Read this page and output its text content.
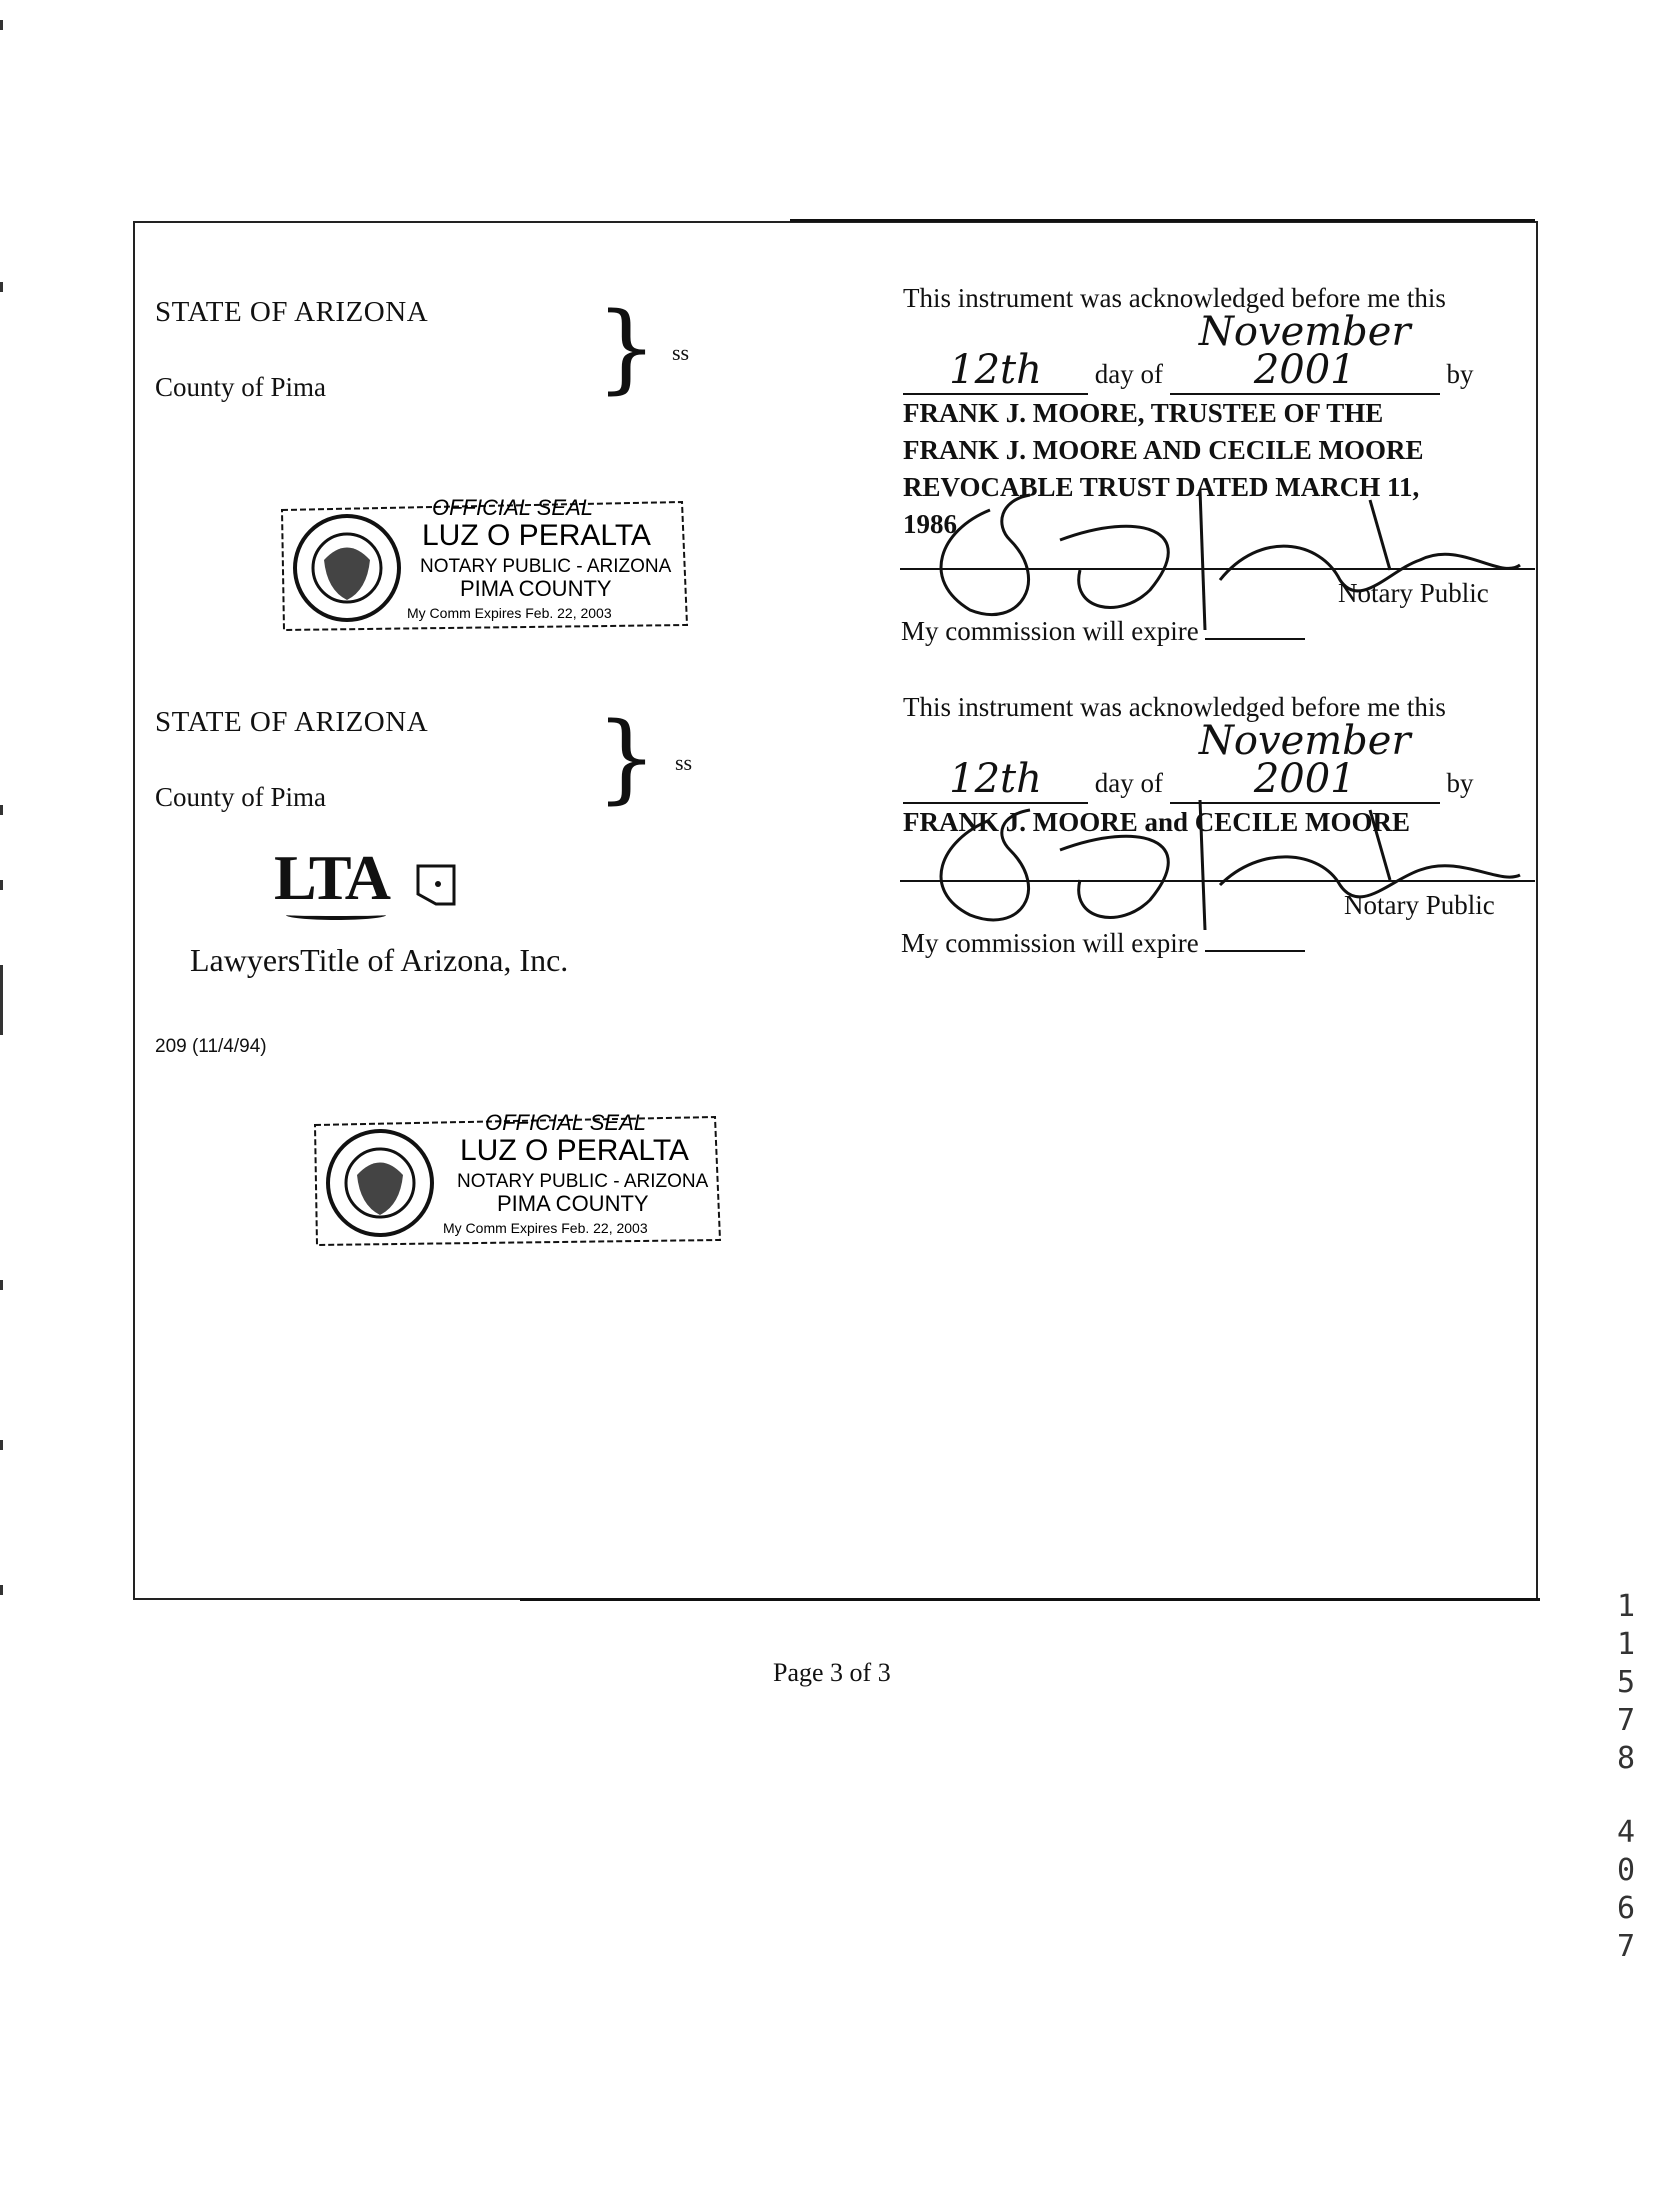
STATE OF ARIZONA
County of Pima	} ss
OFFICIAL SEAL
LUZ O PERALTA
NOTARY PUBLIC - ARIZONA
PIMA COUNTY
My Comm Expires Feb. 22, 2003
This instrument was acknowledged before me this
12th day of November 2001	by
FRANK J. MOORE, TRUSTEE OF THE
FRANK J. MOORE AND CECILE MOORE
REVOCABLE TRUST DATED MARCH 11,
1986
Notary Public
My commission will expire
STATE OF ARIZONA
County of Pima	} ss
LTA
LawyersTitle of Arizona, Inc.
209 (11/4/94)
OFFICIAL SEAL
LUZ O PERALTA
NOTARY PUBLIC - ARIZONA
PIMA COUNTY
My Comm Expires Feb. 22, 2003
This instrument was acknowledged before me this
12th day of November 2001	by
FRANK J. MOORE and CECILE MOORE
Notary Public
My commission will expire
Page 3 of 3
1
1
5
7
8
4
0
6
7
